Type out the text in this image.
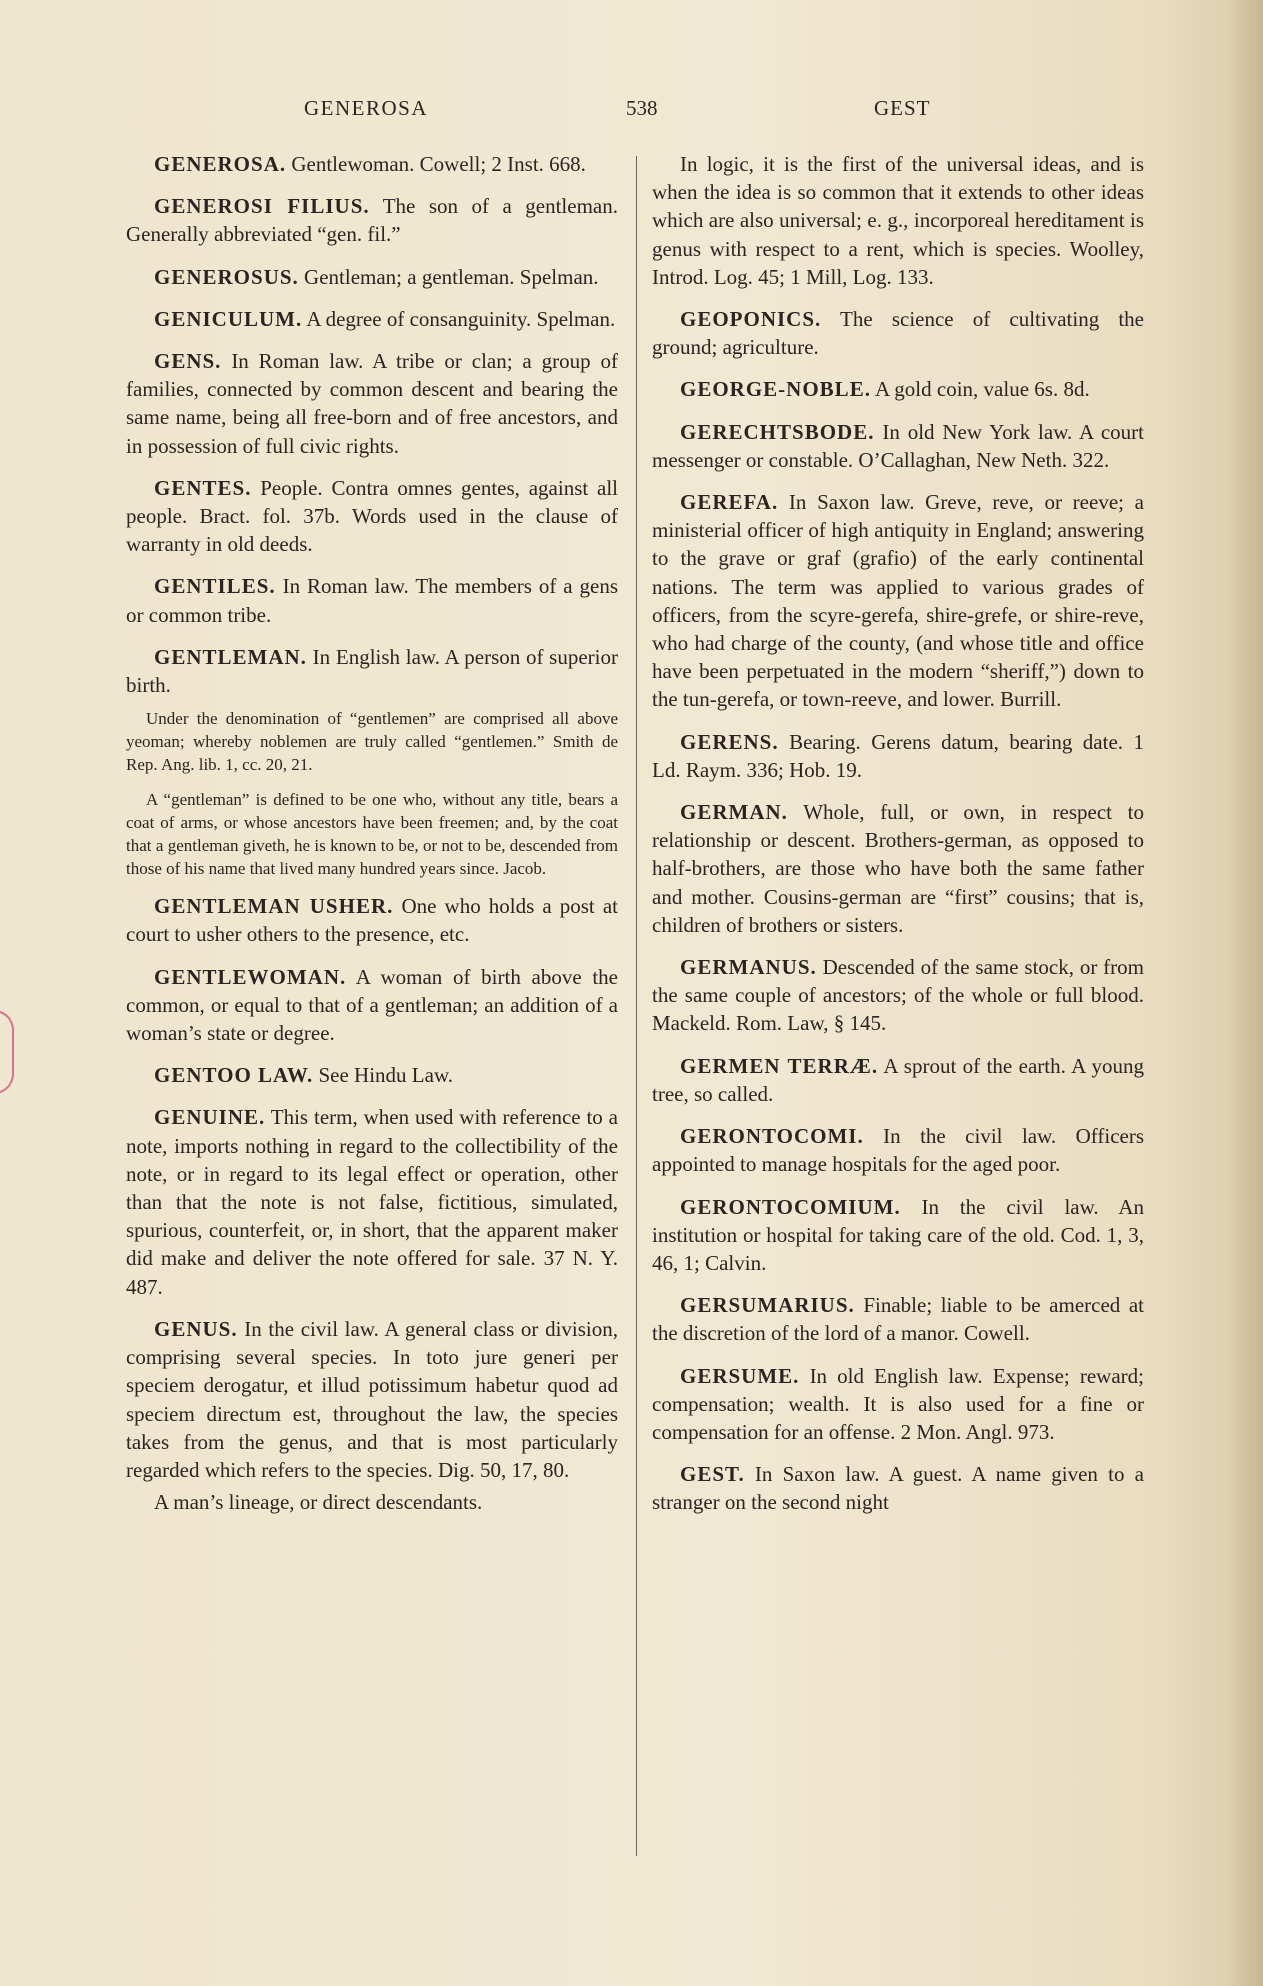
GENEROSA	538	GEST

GENEROSA. Gentlewoman. Cowell; 2 Inst. 668.

GENEROSI FILIUS. The son of a gentleman. Generally abbreviated “gen. fil.”

GENEROSUS. Gentleman; a gentleman. Spelman.

GENICULUM. A degree of consanguinity. Spelman.

GENS. In Roman law. A tribe or clan; a group of families, connected by common descent and bearing the same name, being all free-born and of free ancestors, and in possession of full civic rights.

GENTES. People. Contra omnes gentes, against all people. Bract. fol. 37b. Words used in the clause of warranty in old deeds.

GENTILES. In Roman law. The members of a gens or common tribe.

GENTLEMAN. In English law. A person of superior birth.

Under the denomination of “gentlemen” are comprised all above yeoman; whereby noblemen are truly called “gentlemen.” Smith de Rep. Ang. lib. 1, cc. 20, 21.

A “gentleman” is defined to be one who, without any title, bears a coat of arms, or whose ancestors have been freemen; and, by the coat that a gentleman giveth, he is known to be, or not to be, descended from those of his name that lived many hundred years since. Jacob.

GENTLEMAN USHER. One who holds a post at court to usher others to the presence, etc.

GENTLEWOMAN. A woman of birth above the common, or equal to that of a gentleman; an addition of a woman’s state or degree.

GENTOO LAW. See Hindu Law.

GENUINE. This term, when used with reference to a note, imports nothing in regard to the collectibility of the note, or in regard to its legal effect or operation, other than that the note is not false, fictitious, simulated, spurious, counterfeit, or, in short, that the apparent maker did make and deliver the note offered for sale. 37 N. Y. 487.

GENUS. In the civil law. A general class or division, comprising several species. In toto jure generi per speciem derogatur, et illud potissimum habetur quod ad speciem directum est, throughout the law, the species takes from the genus, and that is most particularly regarded which refers to the species. Dig. 50, 17, 80.

A man’s lineage, or direct descendants.

In logic, it is the first of the universal ideas, and is when the idea is so common that it extends to other ideas which are also universal; e. g., incorporeal hereditament is genus with respect to a rent, which is species. Woolley, Introd. Log. 45; 1 Mill, Log. 133.

GEOPONICS. The science of cultivating the ground; agriculture.

GEORGE-NOBLE. A gold coin, value 6s. 8d.

GERECHTSBODE. In old New York law. A court messenger or constable. O’Callaghan, New Neth. 322.

GEREFA. In Saxon law. Greve, reve, or reeve; a ministerial officer of high antiquity in England; answering to the grave or graf (grafio) of the early continental nations. The term was applied to various grades of officers, from the scyre-gerefa, shire-grefe, or shire-reve, who had charge of the county, (and whose title and office have been perpetuated in the modern “sheriff,”) down to the tun-gerefa, or town-reeve, and lower. Burrill.

GERENS. Bearing. Gerens datum, bearing date. 1 Ld. Raym. 336; Hob. 19.

GERMAN. Whole, full, or own, in respect to relationship or descent. Brothers-german, as opposed to half-brothers, are those who have both the same father and mother. Cousins-german are “first” cousins; that is, children of brothers or sisters.

GERMANUS. Descended of the same stock, or from the same couple of ancestors; of the whole or full blood. Mackeld. Rom. Law, § 145.

GERMEN TERRÆ. A sprout of the earth. A young tree, so called.

GERONTOCOMI. In the civil law. Officers appointed to manage hospitals for the aged poor.

GERONTOCOMIUM. In the civil law. An institution or hospital for taking care of the old. Cod. 1, 3, 46, 1; Calvin.

GERSUMARIUS. Finable; liable to be amerced at the discretion of the lord of a manor. Cowell.

GERSUME. In old English law. Expense; reward; compensation; wealth. It is also used for a fine or compensation for an offense. 2 Mon. Angl. 973.

GEST. In Saxon law. A guest. A name given to a stranger on the second night
